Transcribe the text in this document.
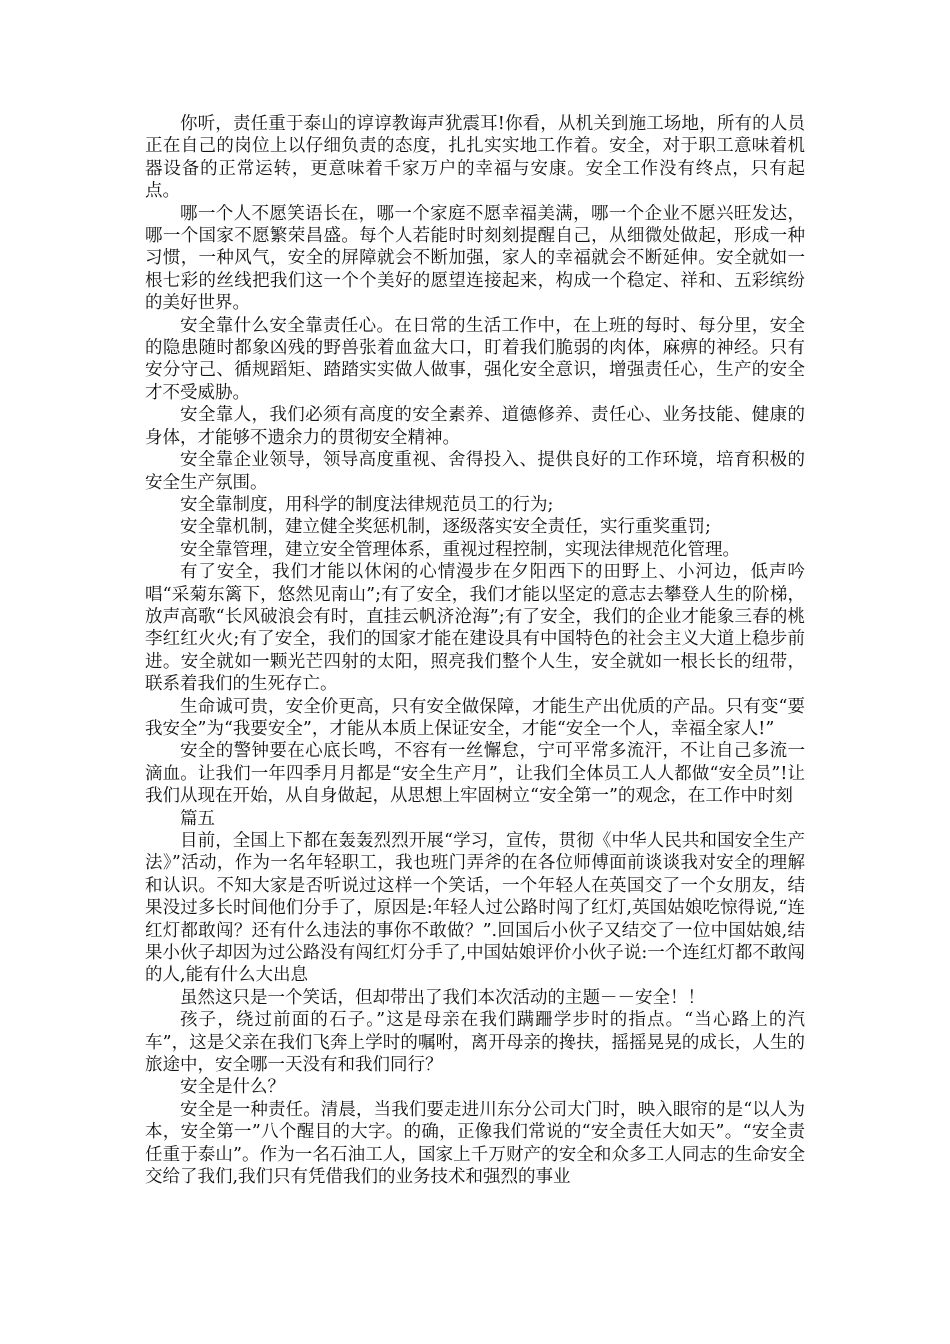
你听，责任重于泰山的谆谆教诲声犹震耳!你看，从机关到施工场地，所有的人员正在自己的岗位上以仔细负责的态度，扎扎实实地工作着。安全，对于职工意味着机器设备的正常运转，更意味着千家万户的幸福与安康。安全工作没有终点，只有起点。

哪一个人不愿笑语长在，哪一个家庭不愿幸福美满，哪一个企业不愿兴旺发达，哪一个国家不愿繁荣昌盛。每个人若能时时刻刻提醒自己，从细微处做起，形成一种习惯，一种风气，安全的屏障就会不断加强，家人的幸福就会不断延伸。安全就如一根七彩的丝线把我们这一个个美好的愿望连接起来，构成一个稳定、祥和、五彩缤纷的美好世界。

安全靠什么安全靠责任心。在日常的生活工作中，在上班的每时、每分里，安全的隐患随时都象凶残的野兽张着血盆大口，盯着我们脆弱的肉体，麻痹的神经。只有安分守己、循规蹈矩、踏踏实实做人做事，强化安全意识，增强责任心，生产的安全才不受威胁。

安全靠人，我们必须有高度的安全素养、道德修养、责任心、业务技能、健康的身体，才能够不遗余力的贯彻安全精神。

安全靠企业领导，领导高度重视、舍得投入、提供良好的工作环境，培育积极的安全生产氛围。

安全靠制度，用科学的制度法律规范员工的行为;

安全靠机制，建立健全奖惩机制，逐级落实安全责任，实行重奖重罚;

安全靠管理，建立安全管理体系，重视过程控制，实现法律规范化管理。

有了安全，我们才能以休闲的心情漫步在夕阳西下的田野上、小河边，低声吟唱“采菊东篱下，悠然见南山”;有了安全，我们才能以坚定的意志去攀登人生的阶梯，放声高歌“长风破浪会有时，直挂云帆济沧海”;有了安全，我们的企业才能象三春的桃李红红火火;有了安全，我们的国家才能在建设具有中国特色的社会主义大道上稳步前进。安全就如一颗光芒四射的太阳，照亮我们整个人生，安全就如一根长长的纽带，联系着我们的生死存亡。

生命诚可贵，安全价更高，只有安全做保障，才能生产出优质的产品。只有变“要我安全”为“我要安全”，才能从本质上保证安全，才能“安全一个人，幸福全家人!”

安全的警钟要在心底长鸣，不容有一丝懈怠，宁可平常多流汗，不让自己多流一滴血。让我们一年四季月月都是“安全生产月”，让我们全体员工人人都做“安全员”!让我们从现在开始，从自身做起，从思想上牢固树立“安全第一”的观念，在工作中时刻

篇五

目前，全国上下都在轰轰烈烈开展“学习，宣传，贯彻《中华人民共和国安全生产法》”活动，作为一名年轻职工，我也班门弄斧的在各位师傅面前谈谈我对安全的理解和认识。不知大家是否听说过这样一个笑话，一个年轻人在英国交了一个女朋友，结果没过多长时间他们分手了，原因是:年轻人过公路时闯了红灯,英国姑娘吃惊得说,“连红灯都敢闯？还有什么违法的事你不敢做？”.回国后小伙子又结交了一位中国姑娘,结果小伙子却因为过公路没有闯红灯分手了,中国姑娘评价小伙子说:一个连红灯都不敢闯的人,能有什么大出息

虽然这只是一个笑话，但却带出了我们本次活动的主题－－安全！！

孩子，绕过前面的石子。”这是母亲在我们蹒跚学步时的指点。“当心路上的汽车”，这是父亲在我们飞奔上学时的嘱咐，离开母亲的搀扶，摇摇晃晃的成长，人生的旅途中，安全哪一天没有和我们同行？

安全是什么？

安全是一种责任。清晨，当我们要走进川东分公司大门时，映入眼帘的是“以人为本，安全第一”八个醒目的大字。的确，正像我们常说的“安全责任大如天”。“安全责任重于泰山”。作为一名石油工人，国家上千万财产的安全和众多工人同志的生命安全交给了我们,我们只有凭借我们的业务技术和强烈的事业
